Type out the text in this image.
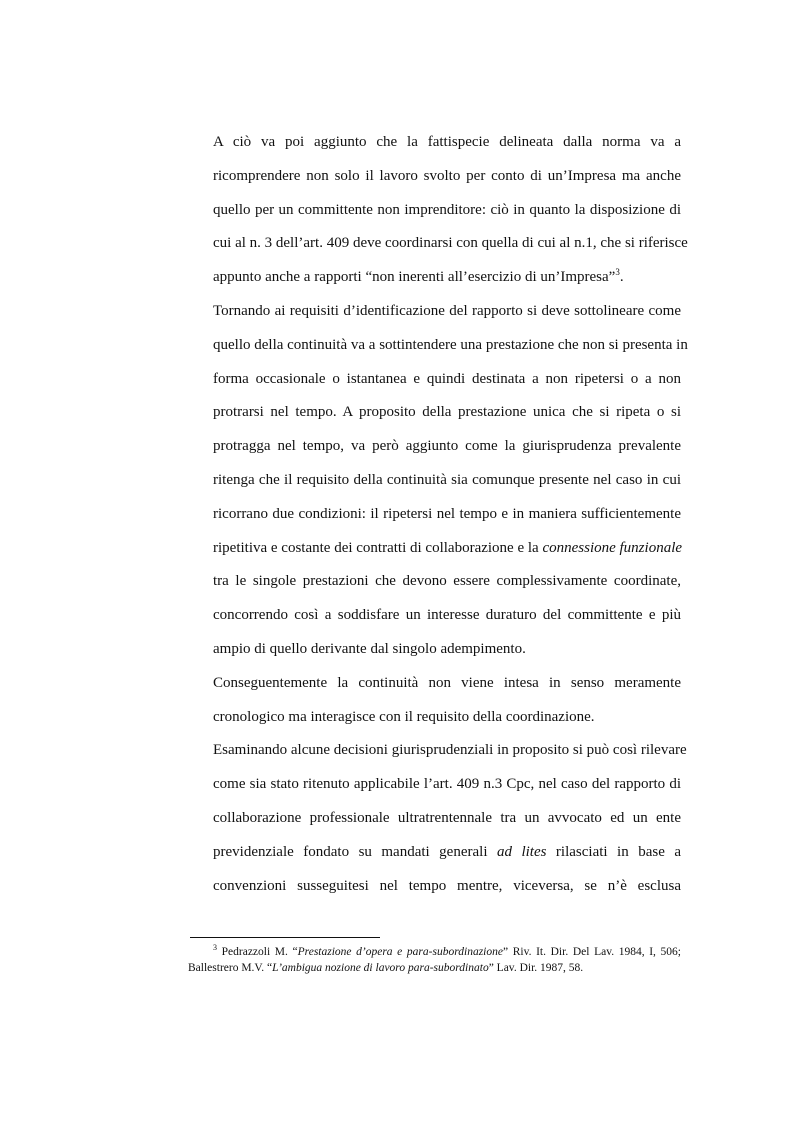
A ciò va poi aggiunto che la fattispecie delineata dalla norma va a
ricomprendere non solo il lavoro svolto per conto di un’Impresa ma anche
quello per un committente non imprenditore: ciò in quanto la disposizione di
cui al n. 3 dell’art. 409 deve coordinarsi con quella di cui al n.1, che si riferisce
appunto anche a rapporti “non inerenti all’esercizio di un’Impresa”$^3$.
Tornando ai requisiti d’identificazione del rapporto si deve sottolineare come
quello della continuità va a sottintendere una prestazione che non si presenta in
forma occasionale o istantanea e quindi destinata a non ripetersi o a non
protrarsi nel tempo. A proposito della prestazione unica che si ripeta o si
protragga nel tempo, va però aggiunto come la giurisprudenza prevalente
ritenga che il requisito della continuità sia comunque presente nel caso in cui
ricorrano due condizioni: il ripetersi nel tempo e in maniera sufficientemente
ripetitiva e costante dei contratti di collaborazione e la connessione funzionale
tra le singole prestazioni che devono essere complessivamente coordinate,
concorrendo così a soddisfare un interesse duraturo del committente e più
ampio di quello derivante dal singolo adempimento.
Conseguentemente la continuità non viene intesa in senso meramente
cronologico ma interagisce con il requisito della coordinazione.
Esaminando alcune decisioni giurisprudenziali in proposito si può così rilevare
come sia stato ritenuto applicabile l’art. 409 n.3 Cpc, nel caso del rapporto di
collaborazione professionale ultratrentennale tra un avvocato ed un ente
previdenziale fondato su mandati generali ad lites rilasciati in base a
convenzioni susseguitesi nel tempo mentre, viceversa, se n’è esclusa
$^3$ Pedrazzoli M. “Prestazione d’opera e para-subordinazione” Riv. It. Dir. Del Lav. 1984, I, 506;
Ballestrero M.V. “L’ambigua nozione di lavoro para-subordinato” Lav. Dir. 1987, 58.
